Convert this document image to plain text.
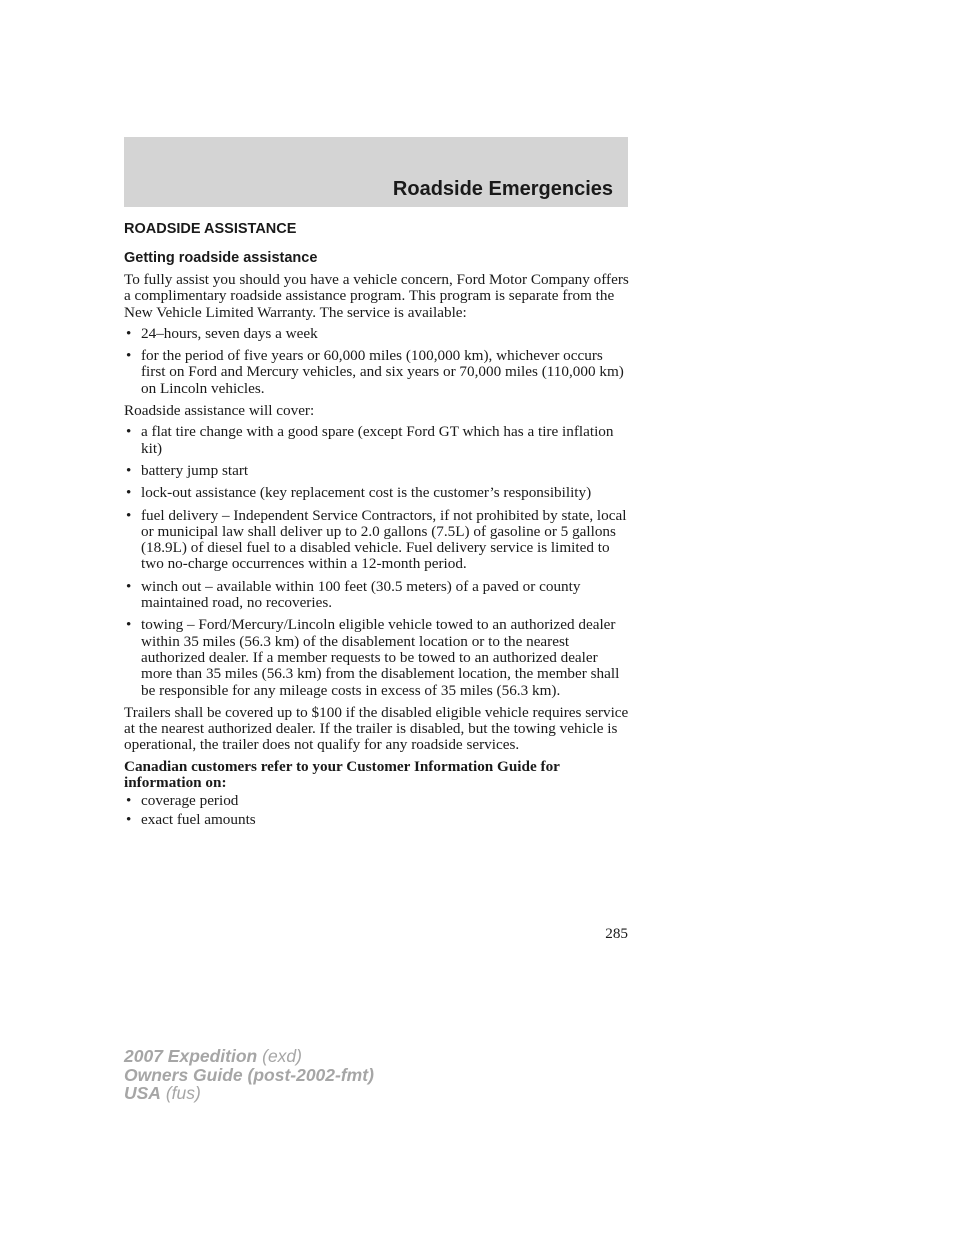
Roadside Emergencies
ROADSIDE ASSISTANCE
Getting roadside assistance

To fully assist you should you have a vehicle concern, Ford Motor Company offers a complimentary roadside assistance program. This program is separate from the New Vehicle Limited Warranty. The service is available:

• 24–hours, seven days a week
• for the period of five years or 60,000 miles (100,000 km), whichever occurs first on Ford and Mercury vehicles, and six years or 70,000 miles (110,000 km) on Lincoln vehicles.

Roadside assistance will cover:

• a flat tire change with a good spare (except Ford GT which has a tire inflation kit)
• battery jump start
• lock-out assistance (key replacement cost is the customer’s responsibility)
• fuel delivery – Independent Service Contractors, if not prohibited by state, local or municipal law shall deliver up to 2.0 gallons (7.5L) of gasoline or 5 gallons (18.9L) of diesel fuel to a disabled vehicle. Fuel delivery service is limited to two no-charge occurrences within a 12-month period.
• winch out – available within 100 feet (30.5 meters) of a paved or county maintained road, no recoveries.
• towing – Ford/Mercury/Lincoln eligible vehicle towed to an authorized dealer within 35 miles (56.3 km) of the disablement location or to the nearest authorized dealer. If a member requests to be towed to an authorized dealer more than 35 miles (56.3 km) from the disablement location, the member shall be responsible for any mileage costs in excess of 35 miles (56.3 km).

Trailers shall be covered up to $100 if the disabled eligible vehicle requires service at the nearest authorized dealer. If the trailer is disabled, but the towing vehicle is operational, the trailer does not qualify for any roadside services.

Canadian customers refer to your Customer Information Guide for information on:

• coverage period
• exact fuel amounts
285
2007 Expedition (exd)
Owners Guide (post-2002-fmt)
USA (fus)
